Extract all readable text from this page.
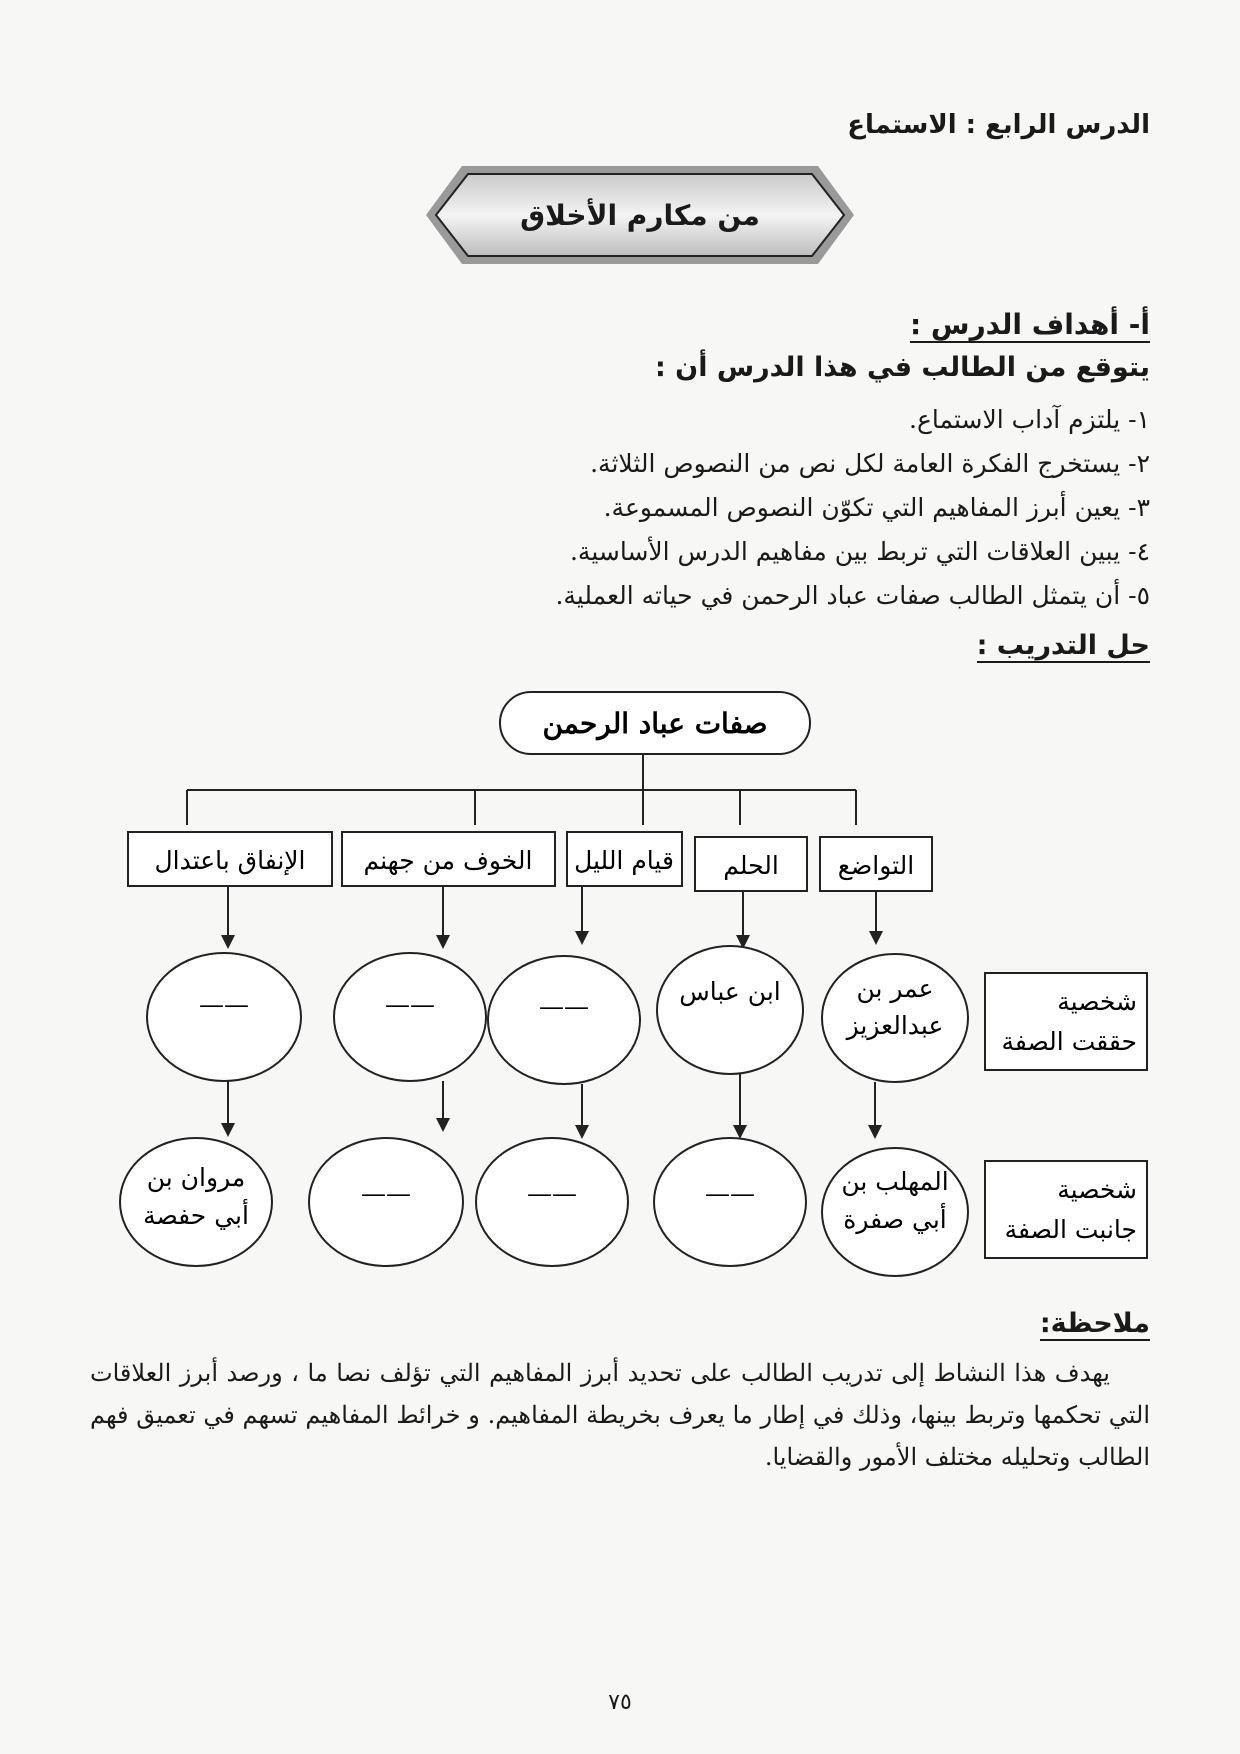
الدرس الرابع : الاستماع
من مكارم الأخلاق
أ- أهداف الدرس :
يتوقع من الطالب في هذا الدرس أن :
١- يلتزم آداب الاستماع.
٢- يستخرج الفكرة العامة لكل نص من النصوص الثلاثة.
٣- يعين أبرز المفاهيم التي تكوّن النصوص المسموعة.
٤- يبين العلاقات التي تربط بين مفاهيم الدرس الأساسية.
٥- أن يتمثل الطالب صفات عباد الرحمن في حياته العملية.
حل التدريب :
صفات عباد الرحمن
التواضع
الحلم
قيام الليل
الخوف من جهنم
الإنفاق باعتدال
شخصية
حققت الصفة
عمر بن
عبدالعزيز
ابن عباس
——
——
——
شخصية
جانبت الصفة
المهلب بن
أبي صفرة
——
——
——
مروان بن
أبي حفصة
ملاحظة:
يهدف هذا النشاط إلى تدريب الطالب على تحديد أبرز المفاهيم التي تؤلف نصا ما ، ورصد أبرز العلاقات التي تحكمها وتربط بينها، وذلك في إطار ما يعرف بخريطة المفاهيم. و خرائط المفاهيم تسهم في تعميق فهم الطالب وتحليله مختلف الأمور والقضايا.
٧٥
